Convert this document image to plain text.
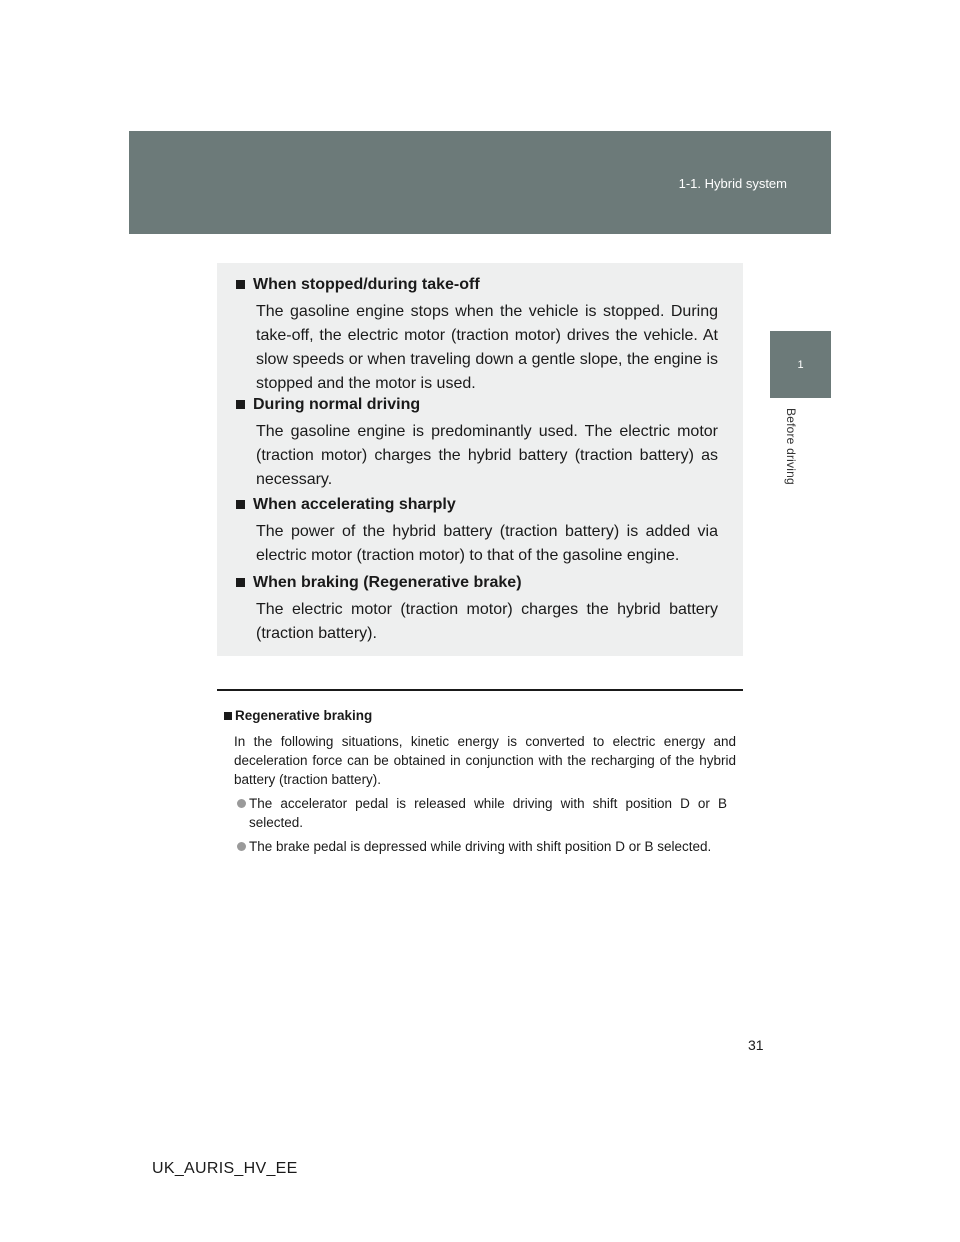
1-1. Hybrid system
1
Before driving
When stopped/during take-off
The gasoline engine stops when the vehicle is stopped. During take-off, the electric motor (traction motor) drives the vehicle. At slow speeds or when traveling down a gentle slope, the engine is stopped and the motor is used.
During normal driving
The gasoline engine is predominantly used. The electric motor (traction motor) charges the hybrid battery (traction battery) as necessary.
When accelerating sharply
The power of the hybrid battery (traction battery) is added via electric motor (traction motor) to that of the gasoline engine.
When braking (Regenerative brake)
The electric motor (traction motor) charges the hybrid battery (traction battery).
Regenerative braking
In the following situations, kinetic energy is converted to electric energy and deceleration force can be obtained in conjunction with the recharging of the hybrid battery (traction battery).
The accelerator pedal is released while driving with shift position D or B selected.
The brake pedal is depressed while driving with shift position D or B selected.
31
UK_AURIS_HV_EE
